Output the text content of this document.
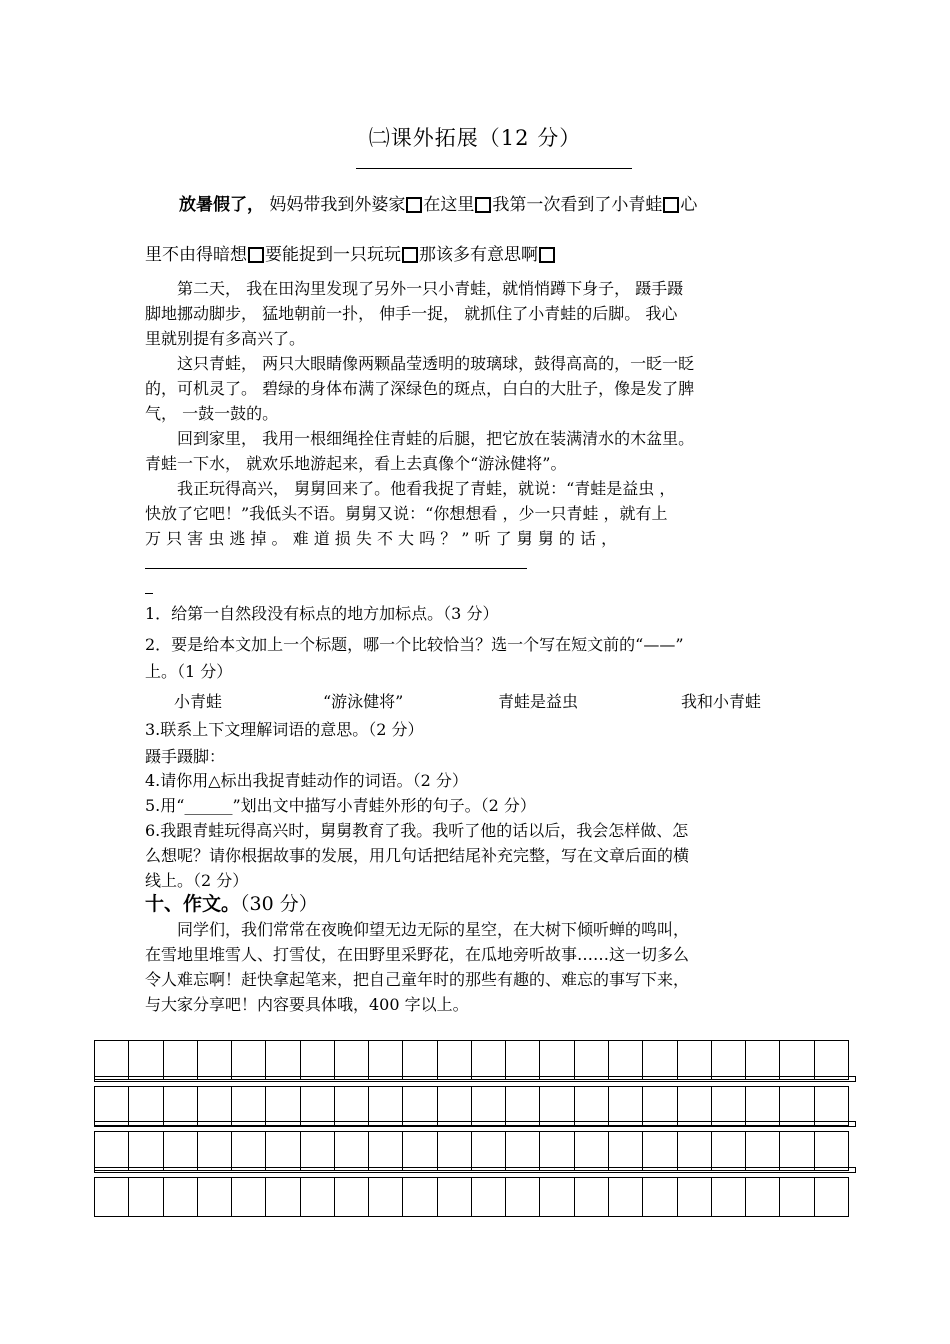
㈡课外拓展（12 分）
　　放暑假了， 妈妈带我到外婆家 在这里 我第一次看到了小青蛙 心
里不由得暗想 要能捉到一只玩玩 那该多有意思啊
　　第二天， 我在田沟里发现了另外一只小青蛙，就悄悄蹲下身子， 蹑手蹑
脚地挪动脚步， 猛地朝前一扑， 伸手一捉， 就抓住了小青蛙的后脚。 我心
里就别提有多高兴了。
　　这只青蛙， 两只大眼睛像两颗晶莹透明的玻璃球，鼓得高高的，一眨一眨
的，可机灵了。 碧绿的身体布满了深绿色的斑点，白白的大肚子，像是发了脾
气， 一鼓一鼓的。
　　回到家里， 我用一根细绳拴住青蛙的后腿，把它放在装满清水的木盆里。
青蛙一下水， 就欢乐地游起来，看上去真像个“游泳健将”。
　　我正玩得高兴， 舅舅回来了。他看我捉了青蛙，就说：“青蛙是益虫 ，
快放了它吧！”我低头不语。舅舅又说：“你想想看 ，少一只青蛙 ，就有上
万 只 害 虫 逃 掉 。 难 道 损 失 不 大 吗 ？ ” 听 了 舅 舅 的 话 ，
1．给第一自然段没有标点的地方加标点。（3 分）
2．要是给本文加上一个标题，哪一个比较恰当？选一个写在短文前的“——”
上。（1 分）
小青蛙	“游泳健将”	青蛙是益虫	我和小青蛙
3.联系上下文理解词语的意思。（2 分）
蹑手蹑脚：
4.请你用△标出我捉青蛙动作的词语。（2 分）
5.用“______”划出文中描写小青蛙外形的句子。（2 分）
6.我跟青蛙玩得高兴时，舅舅教育了我。我听了他的话以后，我会怎样做、怎
么想呢？请你根据故事的发展，用几句话把结尾补充完整，写在文章后面的横
线上。（2 分）
十、作文。（30 分）
　　同学们，我们常常在夜晚仰望无边无际的星空，在大树下倾听蝉的鸣叫，
在雪地里堆雪人、打雪仗，在田野里采野花，在瓜地旁听故事……这一切多么
令人难忘啊！赶快拿起笔来，把自己童年时的那些有趣的、难忘的事写下来，
与大家分享吧！内容要具体哦，400 字以上。
